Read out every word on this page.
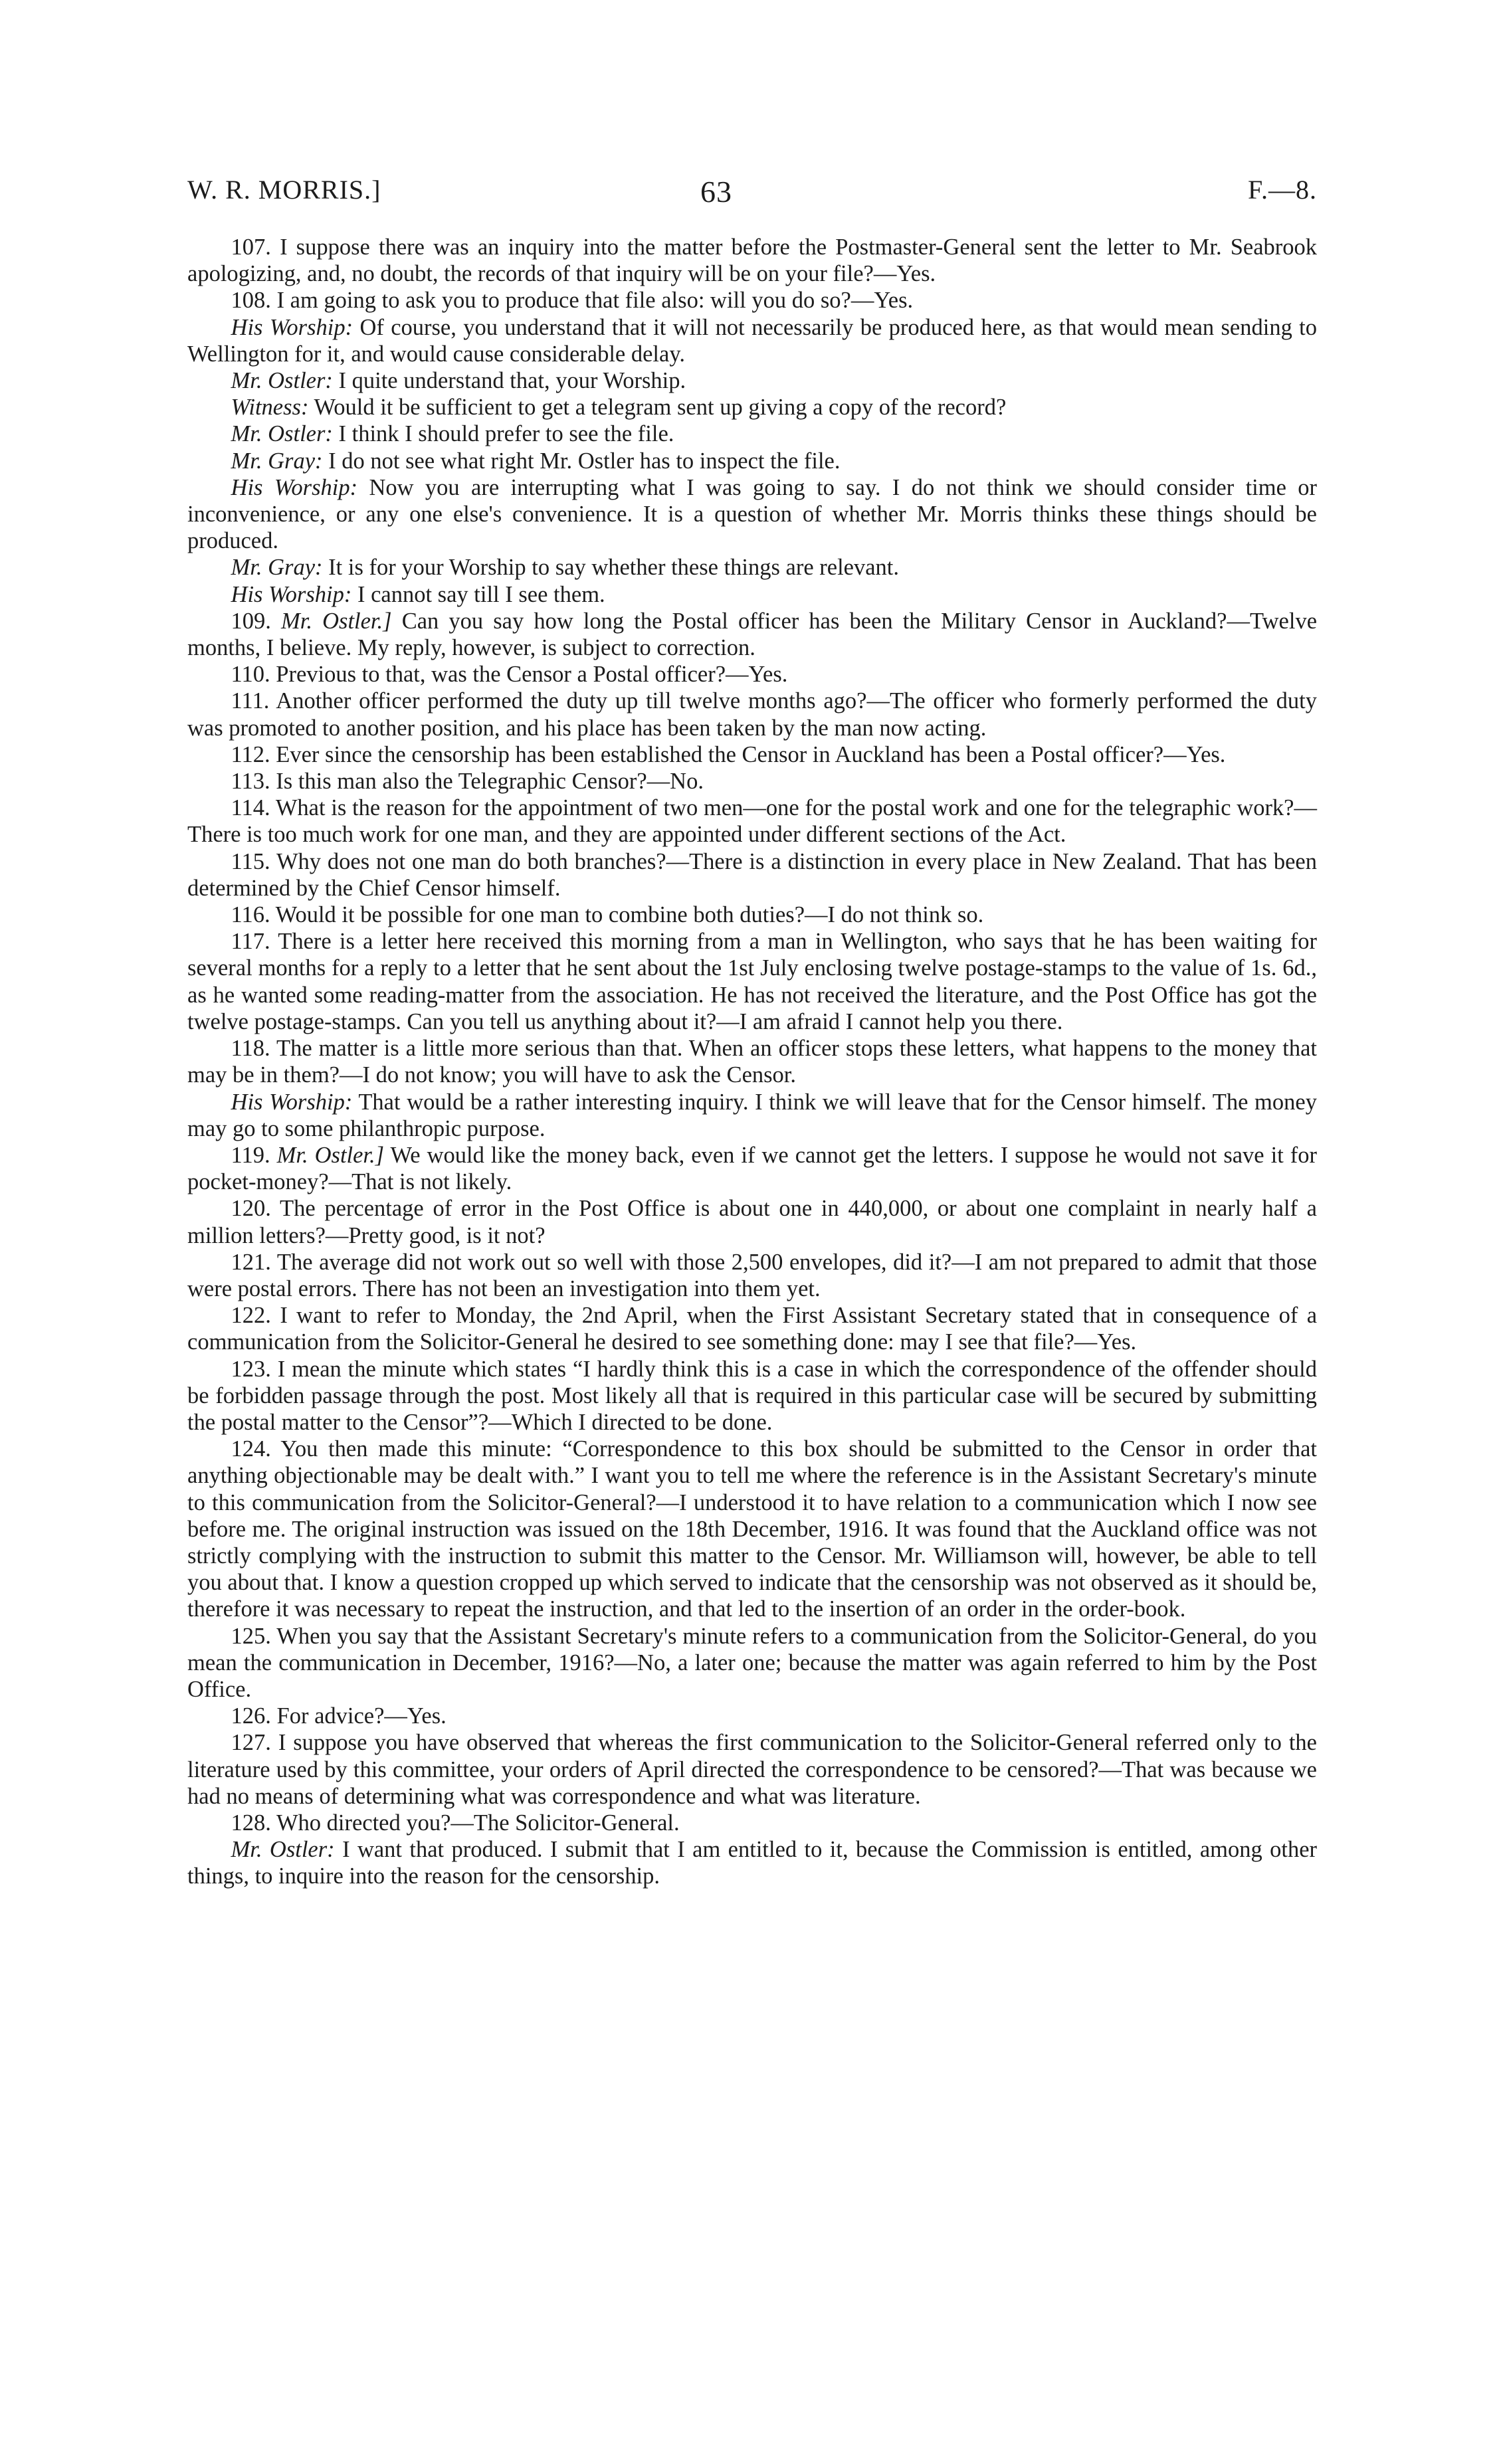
W. R. MORRIS.]	63	F.—8.

107. I suppose there was an inquiry into the matter before the Postmaster-General sent the letter to Mr. Seabrook apologizing, and, no doubt, the records of that inquiry will be on your file?—Yes.

108. I am going to ask you to produce that file also: will you do so?—Yes.

His Worship: Of course, you understand that it will not necessarily be produced here, as that would mean sending to Wellington for it, and would cause considerable delay.

Mr. Ostler: I quite understand that, your Worship.

Witness: Would it be sufficient to get a telegram sent up giving a copy of the record?

Mr. Ostler: I think I should prefer to see the file.

Mr. Gray: I do not see what right Mr. Ostler has to inspect the file.

His Worship: Now you are interrupting what I was going to say. I do not think we should consider time or inconvenience, or any one else's convenience. It is a question of whether Mr. Morris thinks these things should be produced.

Mr. Gray: It is for your Worship to say whether these things are relevant.

His Worship: I cannot say till I see them.

109. Mr. Ostler.] Can you say how long the Postal officer has been the Military Censor in Auckland?—Twelve months, I believe. My reply, however, is subject to correction.

110. Previous to that, was the Censor a Postal officer?—Yes.

111. Another officer performed the duty up till twelve months ago?—The officer who formerly performed the duty was promoted to another position, and his place has been taken by the man now acting.

112. Ever since the censorship has been established the Censor in Auckland has been a Postal officer?—Yes.

113. Is this man also the Telegraphic Censor?—No.

114. What is the reason for the appointment of two men—one for the postal work and one for the telegraphic work?—There is too much work for one man, and they are appointed under different sections of the Act.

115. Why does not one man do both branches?—There is a distinction in every place in New Zealand. That has been determined by the Chief Censor himself.

116. Would it be possible for one man to combine both duties?—I do not think so.

117. There is a letter here received this morning from a man in Wellington, who says that he has been waiting for several months for a reply to a letter that he sent about the 1st July enclosing twelve postage-stamps to the value of 1s. 6d., as he wanted some reading-matter from the association. He has not received the literature, and the Post Office has got the twelve postage-stamps. Can you tell us anything about it?—I am afraid I cannot help you there.

118. The matter is a little more serious than that. When an officer stops these letters, what happens to the money that may be in them?—I do not know; you will have to ask the Censor.

His Worship: That would be a rather interesting inquiry. I think we will leave that for the Censor himself. The money may go to some philanthropic purpose.

119. Mr. Ostler.] We would like the money back, even if we cannot get the letters. I suppose he would not save it for pocket-money?—That is not likely.

120. The percentage of error in the Post Office is about one in 440,000, or about one complaint in nearly half a million letters?—Pretty good, is it not?

121. The average did not work out so well with those 2,500 envelopes, did it?—I am not prepared to admit that those were postal errors. There has not been an investigation into them yet.

122. I want to refer to Monday, the 2nd April, when the First Assistant Secretary stated that in consequence of a communication from the Solicitor-General he desired to see something done: may I see that file?—Yes.

123. I mean the minute which states “I hardly think this is a case in which the correspondence of the offender should be forbidden passage through the post. Most likely all that is required in this particular case will be secured by submitting the postal matter to the Censor”?—Which I directed to be done.

124. You then made this minute: “Correspondence to this box should be submitted to the Censor in order that anything objectionable may be dealt with.” I want you to tell me where the reference is in the Assistant Secretary's minute to this communication from the Solicitor-General?—I understood it to have relation to a communication which I now see before me. The original instruction was issued on the 18th December, 1916. It was found that the Auckland office was not strictly complying with the instruction to submit this matter to the Censor. Mr. Williamson will, however, be able to tell you about that. I know a question cropped up which served to indicate that the censorship was not observed as it should be, therefore it was necessary to repeat the instruction, and that led to the insertion of an order in the order-book.

125. When you say that the Assistant Secretary's minute refers to a communication from the Solicitor-General, do you mean the communication in December, 1916?—No, a later one; because the matter was again referred to him by the Post Office.

126. For advice?—Yes.

127. I suppose you have observed that whereas the first communication to the Solicitor-General referred only to the literature used by this committee, your orders of April directed the correspondence to be censored?—That was because we had no means of determining what was correspondence and what was literature.

128. Who directed you?—The Solicitor-General.

Mr. Ostler: I want that produced. I submit that I am entitled to it, because the Commission is entitled, among other things, to inquire into the reason for the censorship.
